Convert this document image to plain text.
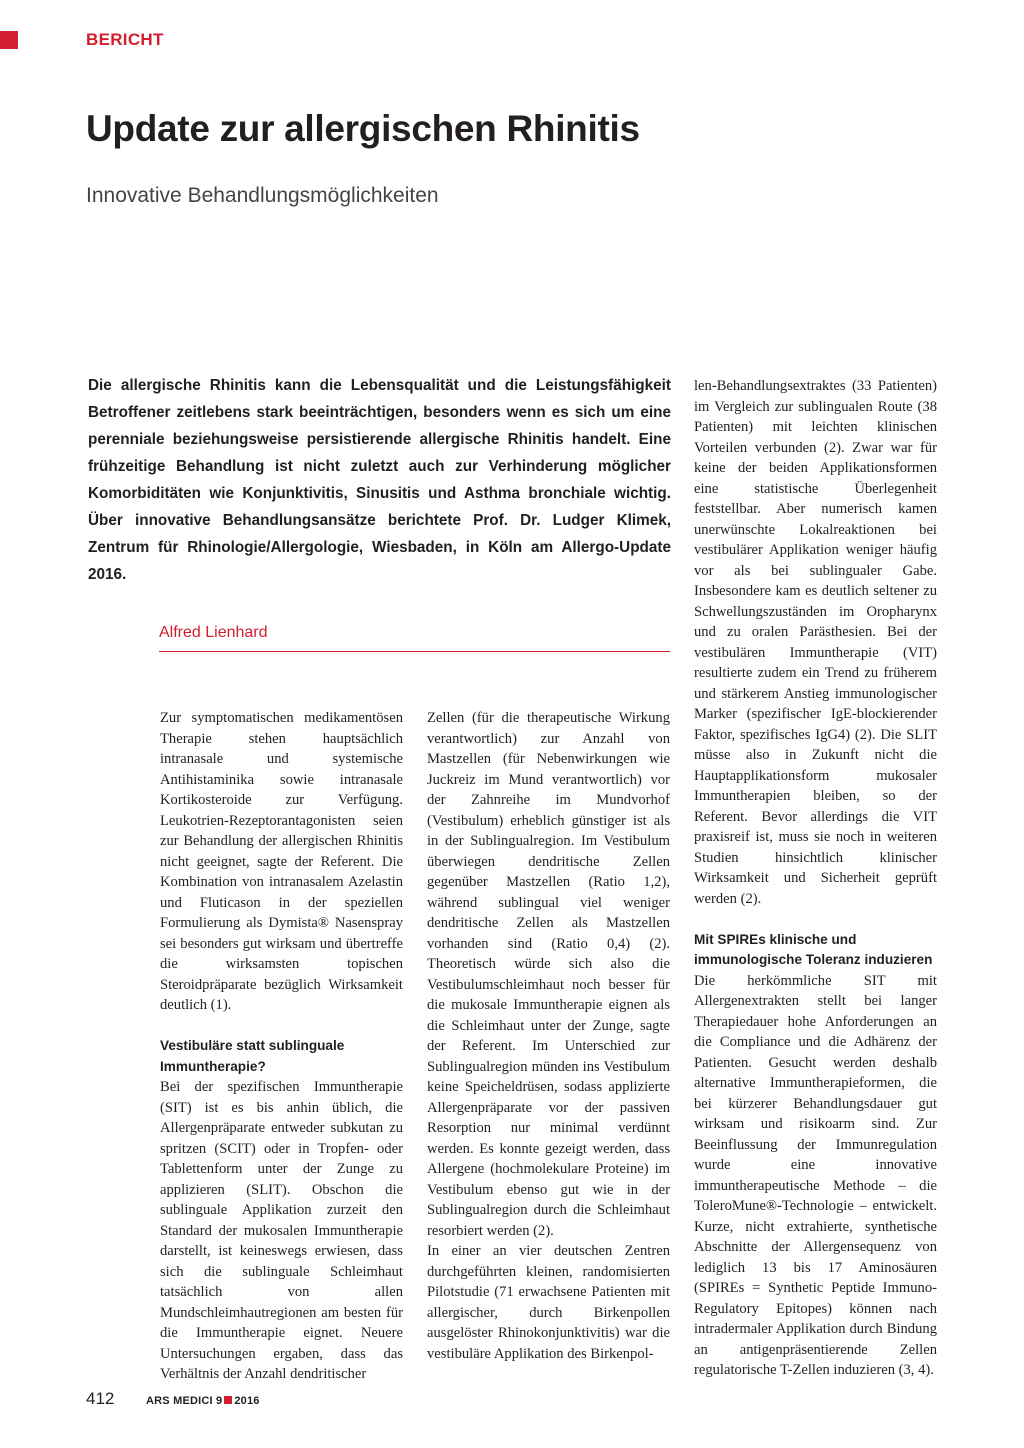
BERICHT
Update zur allergischen Rhinitis
Innovative Behandlungsmöglichkeiten

Die allergische Rhinitis kann die Lebensqualität und die Leistungsfähigkeit Betroffener zeitlebens stark beeinträchtigen, besonders wenn es sich um eine perenniale beziehungsweise persistierende allergische Rhinitis handelt. Eine frühzeitige Behandlung ist nicht zuletzt auch zur Verhinderung möglicher Komorbiditäten wie Konjunktivitis, Sinusitis und Asthma bronchiale wichtig. Über innovative Behandlungsansätze berichtete Prof. Dr. Ludger Klimek, Zentrum für Rhinologie/Allergologie, Wiesbaden, in Köln am Allergo-Update 2016.

Alfred Lienhard

Zur symptomatischen medikamentösen Therapie stehen hauptsächlich intranasale und systemische Antihistaminika sowie intranasale Kortikosteroide zur Verfügung. Leukotrien-Rezeptorantagonisten seien zur Behandlung der allergischen Rhinitis nicht geeignet, sagte der Referent. Die Kombination von intranasalem Azelastin und Fluticason in der speziellen Formulierung als Dymista® Nasenspray sei besonders gut wirksam und übertreffe die wirksamsten topischen Steroidpräparate bezüglich Wirksamkeit deutlich (1).

Vestibuläre statt sublinguale Immuntherapie?

Bei der spezifischen Immuntherapie (SIT) ist es bis anhin üblich, die Allergenpräparate entweder subkutan zu spritzen (SCIT) oder in Tropfen- oder Tablettenform unter der Zunge zu applizieren (SLIT). Obschon die sublinguale Applikation zurzeit den Standard der mukosalen Immuntherapie darstellt, ist keineswegs erwiesen, dass sich die sublinguale Schleimhaut tatsächlich von allen Mundschleimhautregionen am besten für die Immuntherapie eignet. Neuere Untersuchungen ergaben, dass das Verhältnis der Anzahl dendritischer

Zellen (für die therapeutische Wirkung verantwortlich) zur Anzahl von Mastzellen (für Nebenwirkungen wie Juckreiz im Mund verantwortlich) vor der Zahnreihe im Mundvorhof (Vestibulum) erheblich günstiger ist als in der Sublingualregion. Im Vestibulum überwiegen dendritische Zellen gegenüber Mastzellen (Ratio 1,2), während sublingual viel weniger dendritische Zellen als Mastzellen vorhanden sind (Ratio 0,4) (2). Theoretisch würde sich also die Vestibulumschleimhaut noch besser für die mukosale Immuntherapie eignen als die Schleimhaut unter der Zunge, sagte der Referent. Im Unterschied zur Sublingualregion münden ins Vestibulum keine Speicheldrüsen, sodass applizierte Allergenpräparate vor der passiven Resorption nur minimal verdünnt werden. Es konnte gezeigt werden, dass Allergene (hochmolekulare Proteine) im Vestibulum ebenso gut wie in der Sublingualregion durch die Schleimhaut resorbiert werden (2).

In einer an vier deutschen Zentren durchgeführten kleinen, randomisierten Pilotstudie (71 erwachsene Patienten mit allergischer, durch Birkenpollen ausgelöster Rhinokonjunktivitis) war die vestibuläre Applikation des Birkenpol-

len-Behandlungsextraktes (33 Patienten) im Vergleich zur sublingualen Route (38 Patienten) mit leichten klinischen Vorteilen verbunden (2). Zwar war für keine der beiden Applikationsformen eine statistische Überlegenheit feststellbar. Aber numerisch kamen unerwünschte Lokalreaktionen bei vestibulärer Applikation weniger häufig vor als bei sublingualer Gabe. Insbesondere kam es deutlich seltener zu Schwellungszuständen im Oropharynx und zu oralen Parästhesien. Bei der vestibulären Immuntherapie (VIT) resultierte zudem ein Trend zu früherem und stärkerem Anstieg immunologischer Marker (spezifischer IgE-blockierender Faktor, spezifisches IgG4) (2). Die SLIT müsse also in Zukunft nicht die Hauptapplikationsform mukosaler Immuntherapien bleiben, so der Referent. Bevor allerdings die VIT praxisreif ist, muss sie noch in weiteren Studien hinsichtlich klinischer Wirksamkeit und Sicherheit geprüft werden (2).

Mit SPIREs klinische und immunologische Toleranz induzieren

Die herkömmliche SIT mit Allergenextrakten stellt bei langer Therapiedauer hohe Anforderungen an die Compliance und die Adhärenz der Patienten. Gesucht werden deshalb alternative Immuntherapieformen, die bei kürzerer Behandlungsdauer gut wirksam und risikoarm sind. Zur Beeinflussung der Immunregulation wurde eine innovative immuntherapeutische Methode – die ToleroMune®-Technologie – entwickelt. Kurze, nicht extrahierte, synthetische Abschnitte der Allergensequenz von lediglich 13 bis 17 Aminosäuren (SPIREs = Synthetic Peptide Immuno-Regulatory Epitopes) können nach intradermaler Applikation durch Bindung an antigenpräsentierende Zellen regulatorische T-Zellen induzieren (3, 4).

412	ARS MEDICI 9 2016
